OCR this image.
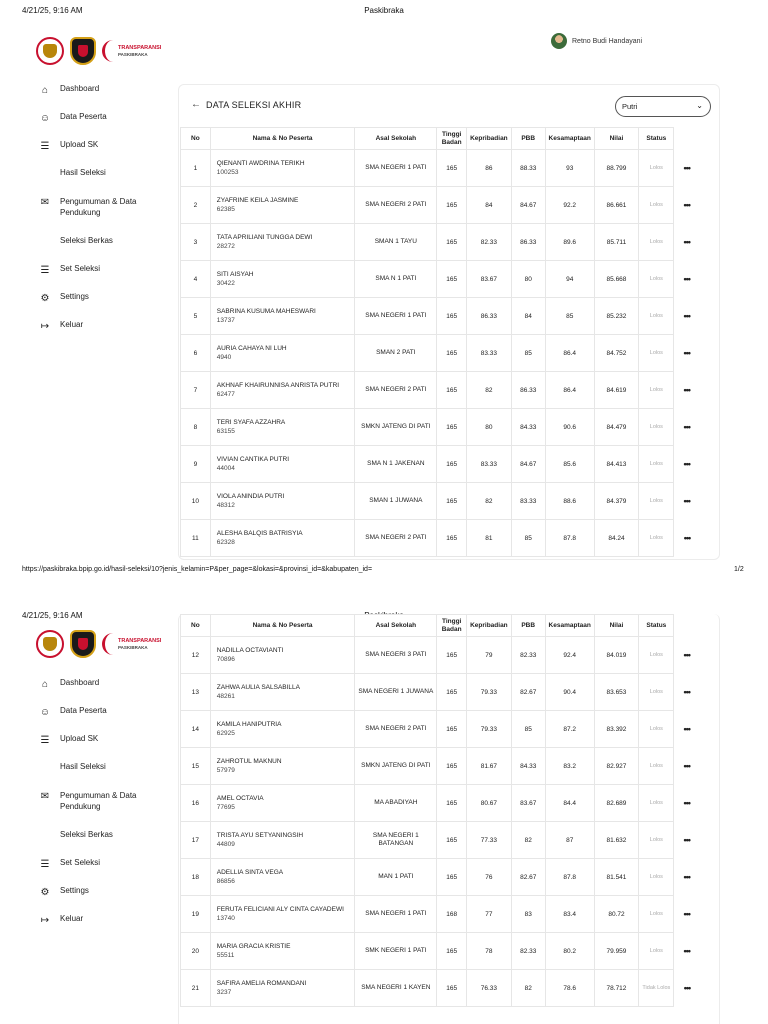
4/21/25, 9:16 AM	Paskibraka
TRANSPARANSI
PASKIBRAKA
Retno Budi Handayani
⌂	Dashboard
☺ Data Peserta
☰	Upload SK
Hasil Seleksi
✉	Pengumuman & Data Pendukung
Seleksi Berkas
☰	Set Seleksi
⚙	Settings
↦	Keluar
← DATA SELEKSI AKHIR	Putri	⌄
No	Nama & No Peserta	Asal Sekolah	Tinggi Badan	Kepribadian	PBB	Kesamaptaan	Nilai	Status	
1	QIENANTI AWDRINA TERIKH
100253	SMA NEGERI 1 PATI	165	86	88.33	93	88.799	Lolos	•••
2	ZYAFRINE KEILA JASMINE
62385	SMA NEGERI 2 PATI	165	84	84.67	92.2	86.661	Lolos	•••
3	TATA APRILIANI TUNGGA DEWI
28272	SMAN 1 TAYU	165	82.33	86.33	89.6	85.711	Lolos	•••
4	SITI AISYAH
30422	SMA N 1 PATI	165	83.67	80	94	85.668	Lolos	•••
5	SABRINA KUSUMA MAHESWARI
13737	SMA NEGERI 1 PATI	165	86.33	84	85	85.232	Lolos	•••
6	AURIA CAHAYA NI LUH
4940	SMAN 2 PATI	165	83.33	85	86.4	84.752	Lolos	•••
7	AKHNAF KHAIRUNNISA ANRISTA PUTRI
62477	SMA NEGERI 2 PATI	165	82	86.33	86.4	84.619	Lolos	•••
8	TERI SYAFA AZZAHRA
63155	SMKN JATENG DI PATI	165	80	84.33	90.6	84.479	Lolos	•••
9	VIVIAN CANTIKA PUTRI
44004	SMA N 1 JAKENAN	165	83.33	84.67	85.6	84.413	Lolos	•••
10	VIOLA ANINDIA PUTRI
48312	SMAN 1 JUWANA	165	82	83.33	88.6	84.379	Lolos	•••
11	ALESHA BALQIS BATRISYIA
62328	SMA NEGERI 2 PATI	165	81	85	87.8	84.24	Lolos	•••
https://paskibraka.bpip.go.id/hasil-seleksi/10?jenis_kelamin=P&per_page=&lokasi=&provinsi_id=&kabupaten_id=	1/2
4/21/25, 9:16 AM
TRANSPARANSI
PASKIBRAKA
⌂	Dashboard
☺ Data Peserta
☰	Upload SK
Hasil Seleksi
✉	Pengumuman & Data Pendukung
Seleksi Berkas
☰	Set Seleksi
⚙	Settings
↦	Keluar
No	Nama & No Peserta	Asal Sekolah	Tinggi Badan	Kepribadian	PBB	Kesamaptaan	Nilai	Status	
12	NADILLA OCTAVIANTI
70896	SMA NEGERI 3 PATI	165	79	82.33	92.4	84.019	Lolos	•••
13	ZAHWA AULIA SALSABILLA
48261	SMA NEGERI 1 JUWANA	165	79.33	82.67	90.4	83.653	Lolos	•••
14	KAMILA HANIPUTRIA
62925	SMA NEGERI 2 PATI	165	79.33	85	87.2	83.392	Lolos	•••
15	ZAHROTUL MAKNUN
57979	SMKN JATENG DI PATI	165	81.67	84.33	83.2	82.927	Lolos	•••
16	AMEL OCTAVIA
77695	MA ABADIYAH	165	80.67	83.67	84.4	82.689	Lolos	•••
17	TRISTA AYU SETYANINGSIH
44809	SMA NEGERI 1 BATANGAN	165	77.33	82	87	81.632	Lolos	•••
18	ADELLIA SINTA VEGA
86856	MAN 1 PATI	165	76	82.67	87.8	81.541	Lolos	•••
19	FERUTA FELICIANI ALY CINTA CAYADEWI
13740	SMA NEGERI 1 PATI	168	77	83	83.4	80.72	Lolos	•••
20	MARIA GRACIA KRISTIE
55511	SMK NEGERI 1 PATI	165	78	82.33	80.2	79.959	Lolos	•••
21	SAFIRA AMELIA ROMANDANI
3237	SMA NEGERI 1 KAYEN	165	76.33	82	78.6	78.712	Tidak Lolos	•••
